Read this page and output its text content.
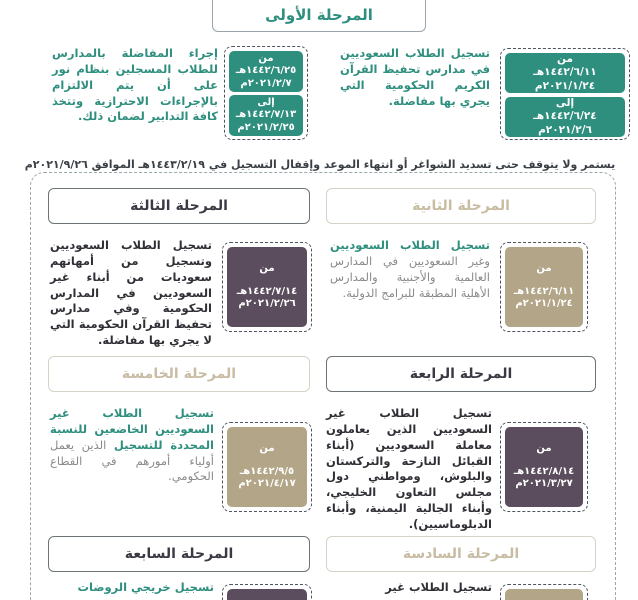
المرحلة الأولى
من
١٤٤٢/٦/١١هـ
٢٠٢١/١/٢٤م
إلى
١٤٤٢/٦/٢٤هـ
٢٠٢١/٢/٦م
تسجيل الطلاب السعوديين في مدارس تحفيظ القرآن الكريم الحكومية التي يجري بها مفاضلة.
من
١٤٤٢/٦/٢٥هـ
٢٠٢١/٢/٧م
إلى
١٤٤٢/٧/١٣هـ
٢٠٢١/٢/٢٥م
إجراء المفاضلة بالمدارس للطلاب المسجلين بنظام نور على أن يتم الالتزام بالإجراءات الاحترازية وتتخذ كافة التدابير لضمان ذلك.
يستمر ولا يتوقف حتى تسديد الشواغر أو انتهاء الموعد وإقفال التسجيل في ١٤٤٣/٢/١٩هـ الموافق ٢٠٢١/٩/٢٦م
المرحلة الثانية
تسجيل الطلاب السعوديين وغير السعوديين في المدارس العالمية والأجنبية والمدارس الأهلية المطبقة للبرامج الدولية.
من
١٤٤٢/٦/١١هـ
٢٠٢١/١/٢٤م
المرحلة الثالثة
تسجيل الطلاب السعوديين وتسجيل من أمهاتهم سعوديات من أبناء غير السعوديين في المدارس الحكومية وفي مدارس تحفيظ القرآن الحكومية التي لا يجري بها مفاضلة.
من
١٤٤٢/٧/١٤هـ
٢٠٢١/٢/٢٦م
المرحلة الرابعة
تسجيل الطلاب غير السعوديين الذين يعاملون معاملة السعوديين (أبناء القبائل النازحة والتركستان والبلوش، ومواطني دول مجلس التعاون الخليجي، وأبناء الجالية اليمنية، وأبناء الدبلوماسيين).
من
١٤٤٢/٨/١٤هـ
٢٠٢١/٣/٢٧م
المرحلة الخامسة
تسجيل الطلاب غير السعوديين الخاضعين للنسبة المحددة للتسجيل الذين يعمل أولياء أمورهم في القطاع الحكومي.
من
١٤٤٢/٩/٥هـ
٢٠٢١/٤/١٧م
المرحلة السادسة
تسجيل الطلاب غير
المرحلة السابعة
تسجيل خريجي الروضات
